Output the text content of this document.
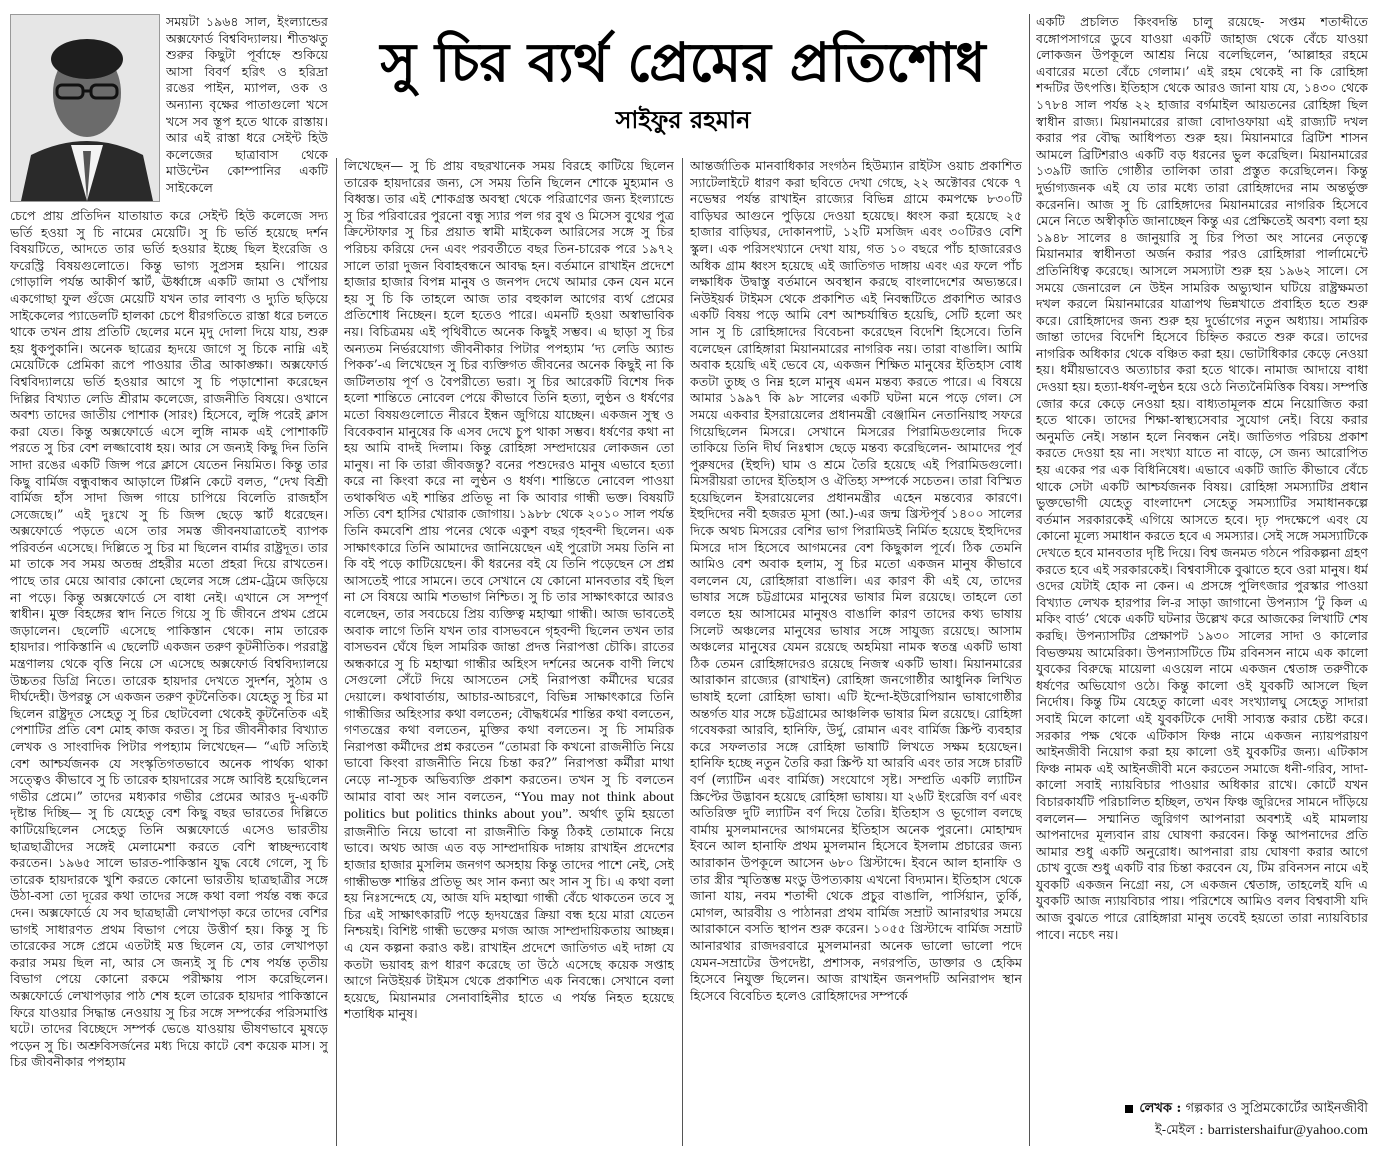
সময়টা ১৯৬৪ সাল, ইংল্যান্ডের অক্সফোর্ড বিশ্ববিদ্যালয়। শীতঋতু শুরুর কিছুটা পূর্বাহ্নে শুকিয়ে আসা বিবর্ণ হরিৎ ও হরিদ্রা রঙের পাইন, ম্যাপল, ওক ও অন্যান্য বৃক্ষের পাতাগুলো খসে খসে সব স্তূপ হতে থাকে রাস্তায়। আর এই রাস্তা ধরে সেইন্ট হিউ কলেজের ছাত্রাবাস থেকে মাউন্টেন কোম্পানির একটি সাইকেলে

চেপে প্রায় প্রতিদিন যাতায়াত করে সেইন্ট হিউ কলেজে সদ্য ভর্তি হওয়া সু চি নামের মেয়েটি। সু চি ভর্তি হয়েছে দর্শন বিষয়টিতে, আদতে তার ভর্তি হওয়ার ইচ্ছে ছিল ইংরেজি ও ফরেস্ট্রি বিষয়গুলোতে। কিন্তু ভাগ্য সুপ্রসন্ন হয়নি। পায়ের গোড়ালি পর্যন্ত আকীর্ণ স্কার্ট, ঊর্ধ্বাঙ্গে একটি জামা ও খোঁপায় একগোছা ফুল গুঁজে মেয়েটি যখন তার লাবণ্য ও দ্যুতি ছড়িয়ে সাইকেলের প্যাডেলটি হালকা চেপে ধীরগতিতে রাস্তা ধরে চলতে থাকে তখন প্রায় প্রতিটি ছেলের মনে মৃদু দোলা দিয়ে যায়, শুরু হয় ধুকপুকানি। অনেক ছাত্রের হৃদয়ে জাগে সু চিকে নাম্নি এই মেয়েটিকে প্রেমিকা রূপে পাওয়ার তীব্র আকাঙ্ক্ষা। অক্সফোর্ড বিশ্ববিদ্যালয়ে ভর্তি হওয়ার আগে সু চি পড়াশোনা করেছেন দিল্লির বিখ্যাত লেডি শ্রীরাম কলেজে, রাজনীতি বিষয়ে। ওখানে অবশ্য তাদের জাতীয় পোশাক (সারং) হিসেবে, লুঙ্গি পরেই ক্লাস করা যেত। কিন্তু অক্সফোর্ডে এসে লুঙ্গি নামক এই পোশাকটি পরতে সু চির বেশ লজ্জাবোধ হয়। আর সে জন্যই কিছু দিন তিনি সাদা রঙের একটি জিন্স পরে ক্লাসে যেতেন নিয়মিত। কিন্তু তার কিছু বার্মিজ বন্ধুবান্ধব আড়ালে টিপ্পনি কেটে বলত, “দেখ বিশ্রী বার্মিজ হাঁস সাদা জিন্স গায়ে চাপিয়ে বিলেতি রাজহাঁস সেজেছে।” এই দুঃখে সু চি জিন্স ছেড়ে স্কার্ট ধরেছেন। অক্সফোর্ডে পড়তে এসে তার সমস্ত জীবনযাত্রাতেই ব্যাপক পরিবর্তন এসেছে। দিল্লিতে সু চির মা ছিলেন বার্মার রাষ্ট্রদূত। তার মা তাকে সব সময় অতন্দ্র প্রহরীর মতো প্রহরা দিয়ে রাখতেন। পাছে তার মেয়ে আবার কোনো ছেলের সঙ্গে প্রেম-ট্রেমে জড়িয়ে না পড়ে। কিন্তু অক্সফোর্ডে সে বাধা নেই। এখানে সে সম্পূর্ণ স্বাধীন। মুক্ত বিহঙ্গের স্বাদ নিতে গিয়ে সু চি জীবনে প্রথম প্রেমে জড়ালেন। ছেলেটি এসেছে পাকিস্তান থেকে। নাম তারেক হায়দার। পাকিস্তানি এ ছেলেটি একজন তরুণ কূটনীতিক। পররাষ্ট্র মন্ত্রণালয় থেকে বৃত্তি নিয়ে সে এসেছে অক্সফোর্ড বিশ্ববিদ্যালয়ে উচ্চতর ডিগ্রি নিতে। তারেক হায়দার দেখতে সুদর্শন, সুঠাম ও দীর্ঘদেহী। উপরন্তু সে একজন তরুণ কূটনৈতিক। যেহেতু সু চির মা ছিলেন রাষ্ট্রদূত সেহেতু সু চির ছোটবেলা থেকেই কূটনৈতিক এই পেশাটির প্রতি বেশ মোহ কাজ করত। সু চির জীবনীকার বিখ্যাত লেখক ও সাংবাদিক পিটার পপহ্যাম লিখেছেন— “এটি সত্যিই বেশ আশ্চর্যজনক যে সংস্কৃতিগতভাবে অনেক পার্থক্য থাকা সত্ত্বেও কীভাবে সু চি তারেক হায়দারের সঙ্গে আবিষ্ট হয়েছিলেন গভীর প্রেমে।” তাদের মধ্যকার গভীর প্রেমের আরও দু-একটি দৃষ্টান্ত দিচ্ছি— সু চি যেহেতু বেশ কিছু বছর ভারতের দিল্লিতে কাটিয়েছিলেন সেহেতু তিনি অক্সফোর্ডে এসেও ভারতীয় ছাত্রছাত্রীদের সঙ্গেই মেলামেশা করতে বেশি স্বাচ্ছন্দ্যবোধ করতেন। ১৯৬৫ সালে ভারত-পাকিস্তান যুদ্ধ বেধে গেলে, সু চি তারেক হায়দারকে খুশি করতে কোনো ভারতীয় ছাত্রছাত্রীর সঙ্গে উঠা-বসা তো দূরের কথা তাদের সঙ্গে কথা বলা পর্যন্ত বন্ধ করে দেন। অক্সফোর্ডে যে সব ছাত্রছাত্রী লেখাপড়া করে তাদের বেশির ভাগই সাধারণত প্রথম বিভাগ পেয়ে উত্তীর্ণ হয়। কিন্তু সু চি তারেকের সঙ্গে প্রেমে এতটাই মত্ত ছিলেন যে, তার লেখাপড়া করার সময় ছিল না, আর সে জন্যই সু চি শেষ পর্যন্ত তৃতীয় বিভাগ পেয়ে কোনো রকমে পরীক্ষায় পাস করেছিলেন। অক্সফোর্ডে লেখাপড়ার পাঠ শেষ হলে তারেক হায়দার পাকিস্তানে ফিরে যাওয়ার সিদ্ধান্ত নেওয়ায় সু চির সঙ্গে সম্পর্কের পরিসমাপ্তি ঘটে। তাদের বিচ্ছেদে সম্পর্ক ভেঙে যাওয়ায় ভীষণভাবে মুষড়ে পড়েন সু চি। অশ্রুবিসর্জনের মধ্য দিয়ে কাটে বেশ কয়েক মাস। সু চির জীবনীকার পপহ্যাম

সু চির ব্যর্থ প্রেমের প্রতিশোধ
সাইফুর রহমান

লিখেছেন— সু চি প্রায় বছরখানেক সময় বিরহে কাটিয়ে ছিলেন তারেক হায়দারের জন্য, সে সময় তিনি ছিলেন শোকে মুহ্যমান ও বিধ্বস্ত। তার এই শোকগ্রস্ত অবস্থা থেকে পরিত্রাণের জন্য ইংল্যান্ডে সু চির পরিবারের পুরনো বন্ধু স্যার পল গর বুথ ও মিসেস বুথের পুত্র ক্রিস্টোফার সু চির প্রয়াত স্বামী মাইকেল আরিসের সঙ্গে সু চির পরিচয় করিয়ে দেন এবং পরবর্তীতে বছর তিন-চারেক পরে ১৯৭২ সালে তারা দুজন বিবাহবন্ধনে আবদ্ধ হন। বর্তমানে রাখাইন প্রদেশে হাজার হাজার বিপন্ন মানুষ ও জনপদ দেখে আমার কেন যেন মনে হয় সু চি কি তাহলে আজ তার বহুকাল আগের ব্যর্থ প্রেমের প্রতিশোধ নিচ্ছেন। হলে হতেও পারে। এমনটি হওয়া অস্বাভাবিক নয়। বিচিত্রময় এই পৃথিবীতে অনেক কিছুই সম্ভব। এ ছাড়া সু চির অন্যতম নির্ভরযোগ্য জীবনীকার পিটার পপহ্যাম ‘দ্য লেডি অ্যান্ড পিকক’-এ লিখেছেন সু চির ব্যক্তিগত জীবনের অনেক কিছুই না কি জটিলতায় পূর্ণ ও বৈপরীত্যে ভরা। সু চির আরেকটি বিশেষ দিক হলো শান্তিতে নোবেল পেয়ে কীভাবে তিনি হত্যা, লুণ্ঠন ও ধর্ষণের মতো বিষয়গুলোতে নীরবে ইন্ধন জুগিয়ে যাচ্ছেন। একজন সুস্থ ও বিবেকবান মানুষের কি এসব দেখে চুপ থাকা সম্ভব। ধর্ষণের কথা না হয় আমি বাদই দিলাম। কিন্তু রোহিঙ্গা সম্প্রদায়ের লোকজন তো মানুষ। না কি তারা জীবজন্তু? বনের পশুদেরও মানুষ এভাবে হত্যা করে না কিংবা করে না লুণ্ঠন ও ধর্ষণ। শান্তিতে নোবেল পাওয়া তথাকথিত এই শান্তির প্রতিভূ না কি আবার গান্ধী ভক্ত। বিষয়টি সত্যি বেশ হাসির খোরাক জোগায়। ১৯৮৮ থেকে ২০১০ সাল পর্যন্ত তিনি কমবেশি প্রায় পনের থেকে একুশ বছর গৃহবন্দী ছিলেন। এক সাক্ষাৎকারে তিনি আমাদের জানিয়েছেন এই পুরোটা সময় তিনি না কি বই পড়ে কাটিয়েছেন। কী ধরনের বই যে তিনি পড়েছেন সে প্রশ্ন আসতেই পারে সামনে। তবে সেখানে যে কোনো মানবতার বই ছিল না সে বিষয়ে আমি শতভাগ নিশ্চিত। সু চি তার সাক্ষাৎকারে আরও বলেছেন, তার সবচেয়ে প্রিয় ব্যক্তিত্ব মহাত্মা গান্ধী। আজ ভাবতেই অবাক লাগে তিনি যখন তার বাসভবনে গৃহবন্দী ছিলেন তখন তার বাসভবন ঘেঁষে ছিল সামরিক জান্তা প্রদত্ত নিরাপত্তা চৌকি। রাতের অন্ধকারে সু চি মহাত্মা গান্ধীর অহিংস দর্শনের অনেক বাণী লিখে সেগুলো সেঁটে দিয়ে আসতেন সেই নিরাপত্তা কর্মীদের ঘরের দেয়ালে। কথাবার্তায়, আচার-আচরণে, বিভিন্ন সাক্ষাৎকারে তিনি গান্ধীজির অহিংসার কথা বলতেন; বৌদ্ধধর্মের শান্তির কথা বলতেন, গণতন্ত্রের কথা বলতেন, মুক্তির কথা বলতেন। সু চি সামরিক নিরাপত্তা কর্মীদের প্রশ্ন করতেন “তোমরা কি কখনো রাজনীতি নিয়ে ভাবো কিংবা রাজনীতি নিয়ে চিন্তা কর?” নিরাপত্তা কর্মীরা মাথা নেড়ে না-সূচক অভিব্যক্তি প্রকাশ করতেন। তখন সু চি বলতেন আমার বাবা অং সান বলতেন, “You may not think about politics but politics thinks about you”. অর্থাৎ তুমি হয়তো রাজনীতি নিয়ে ভাবো না রাজনীতি কিন্তু ঠিকই তোমাকে নিয়ে ভাবে। অথচ আজ এত বড় সাম্প্রদায়িক দাঙ্গায় রাখাইন প্রদেশের হাজার হাজার মুসলিম জনগণ অসহায় কিন্তু তাদের পাশে নেই, সেই গান্ধীভক্ত শান্তির প্রতিভূ অং সান কন্যা অং সান সু চি। এ কথা বলা হয় নিঃসন্দেহে যে, আজ যদি মহাত্মা গান্ধী বেঁচে থাকতেন তবে সু চির এই সাক্ষাৎকারটি পড়ে হৃদযন্ত্রের ক্রিয়া বন্ধ হয়ে মারা যেতেন নিশ্চয়ই। বিশিষ্ট গান্ধী ভক্তের মগজ আজ সাম্প্রদায়িকতায় আচ্ছন্ন। এ যেন কল্পনা করাও কষ্ট। রাখাইন প্রদেশে জাতিগত এই দাঙ্গা যে কতটা ভয়াবহ রূপ ধারণ করেছে তা উঠে এসেছে কয়েক সপ্তাহ আগে নিউইয়র্ক টাইমস থেকে প্রকাশিত এক নিবন্ধে। সেখানে বলা হয়েছে, মিয়ানমার সেনাবাহিনীর হাতে এ পর্যন্ত নিহত হয়েছে শতাধিক মানুষ।

আন্তর্জাতিক মানবাধিকার সংগঠন হিউম্যান রাইটস ওয়াচ প্রকাশিত স্যাটেলাইটে ধারণ করা ছবিতে দেখা গেছে, ২২ অক্টোবর থেকে ৭ নভেম্বর পর্যন্ত রাখাইন রাজ্যের বিভিন্ন গ্রামে কমপক্ষে ৮৩০টি বাড়িঘর আগুনে পুড়িয়ে দেওয়া হয়েছে। ধ্বংস করা হয়েছে ২৫ হাজার বাড়িঘর, দোকানপাট, ১২টি মসজিদ এবং ৩০টিরও বেশি স্কুল। এক পরিসংখ্যানে দেখা যায়, গত ১০ বছরে পাঁচ হাজারেরও অধিক গ্রাম ধ্বংস হয়েছে এই জাতিগত দাঙ্গায় এবং এর ফলে পাঁচ লক্ষাধিক উদ্বাস্তু বর্তমানে অবস্থান করছে বাংলাদেশের অভ্যন্তরে। নিউইয়র্ক টাইমস থেকে প্রকাশিত এই নিবন্ধটিতে প্রকাশিত আরও একটি বিষয় পড়ে আমি বেশ আশ্চর্যান্বিত হয়েছি, সেটি হলো অং সান সু চি রোহিঙ্গাদের বিবেচনা করেছেন বিদেশি হিসেবে। তিনি বলেছেন রোহিঙ্গারা মিয়ানমারের নাগরিক নয়। তারা বাঙালি। আমি অবাক হয়েছি এই ভেবে যে, একজন শিক্ষিত মানুষের ইতিহাস বোধ কতটা তুচ্ছ ও নিম্ন হলে মানুষ এমন মন্তব্য করতে পারে। এ বিষয়ে আমার ১৯৯৭ কি ৯৮ সালের একটি ঘটনা মনে পড়ে গেল। সে সময়ে একবার ইসরায়েলের প্রধানমন্ত্রী বেঞ্জামিন নেতানিয়াহু সফরে গিয়েছিলেন মিসরে। সেখানে মিসরের পিরামিডগুলোর দিকে তাকিয়ে তিনি দীর্ঘ নিঃশ্বাস ছেড়ে মন্তব্য করেছিলেন- আমাদের পূর্ব পুরুষদের (ইহুদি) ঘাম ও শ্রমে তৈরি হয়েছে এই পিরামিডগুলো। মিসরীয়রা তাদের ইতিহাস ও ঐতিহ্য সম্পর্কে সচেতন। তারা বিস্মিত হয়েছিলেন ইসরায়েলের প্রধানমন্ত্রীর এহেন মন্তব্যের কারণে। ইহুদিদের নবী হজরত মূসা (আ.)-এর জন্ম খ্রিস্টপূর্ব ১৪০০ সালের দিকে অথচ মিসরের বেশির ভাগ পিরামিডই নির্মিত হয়েছে ইহুদিদের মিসরে দাস হিসেবে আগমনের বেশ কিছুকাল পূর্বে। ঠিক তেমনি আমিও বেশ অবাক হলাম, সু চির মতো একজন মানুষ কীভাবে বললেন যে, রোহিঙ্গারা বাঙালি। এর কারণ কী এই যে, তাদের ভাষার সঙ্গে চট্টগ্রামের মানুষের ভাষার মিল রয়েছে। তাহলে তো বলতে হয় আসামের মানুষও বাঙালি কারণ তাদের কথ্য ভাষায় সিলেট অঞ্চলের মানুষের ভাষার সঙ্গে সাযুজ্য রয়েছে। আসাম অঞ্চলের মানুষের যেমন রয়েছে অহমিয়া নামক স্বতন্ত্র একটি ভাষা ঠিক তেমন রোহিঙ্গাদেরও রয়েছে নিজস্ব একটি ভাষা। মিয়ানমারের আরাকান রাজ্যের (রাখাইন) রোহিঙ্গা জনগোষ্ঠীর আধুনিক লিখিত ভাষাই হলো রোহিঙ্গা ভাষা। এটি ইন্দো-ইউরোপিয়ান ভাষাগোষ্ঠীর অন্তর্গত যার সঙ্গে চট্টগ্রামের আঞ্চলিক ভাষার মিল রয়েছে। রোহিঙ্গা গবেষকরা আরবি, হানিফি, উর্দু, রোমান এবং বার্মিজ স্ক্রিপ্ট ব্যবহার করে সফলতার সঙ্গে রোহিঙ্গা ভাষাটি লিখতে সক্ষম হয়েছেন। হানিফি হচ্ছে নতুন তৈরি করা স্ক্রিপ্ট যা আরবি এবং তার সঙ্গে চারটি বর্ণ (ল্যাটিন এবং বার্মিজ) সংযোগে সৃষ্ট। সম্প্রতি একটি ল্যাটিন স্ক্রিপ্টের উদ্ভাবন হয়েছে রোহিঙ্গা ভাষায়। যা ২৬টি ইংরেজি বর্ণ এবং অতিরিক্ত দুটি ল্যাটিন বর্ণ দিয়ে তৈরি। ইতিহাস ও ভূগোল বলছে বার্মায় মুসলমানদের আগমনের ইতিহাস অনেক পুরনো। মোহাম্মদ ইবনে আল হানাফি প্রথম মুসলমান হিসেবে ইসলাম প্রচারের জন্য আরাকান উপকূলে আসেন ৬৮০ খ্রিস্টাব্দে। ইবনে আল হানাফি ও তার স্ত্রীর স্মৃতিস্তম্ভ মংডু উপত্যকায় এখনো বিদ্যমান। ইতিহাস থেকে জানা যায়, নবম শতাব্দী থেকে প্রচুর বাঙালি, পার্সিয়ান, তুর্কি, মোগল, আরবীয় ও পাঠানরা প্রথম বার্মিজ সম্রাট আনারথার সময়ে আরাকানে বসতি স্থাপন শুরু করেন। ১০৫৫ খ্রিস্টাব্দে বার্মিজ সম্রাট আনারথার রাজদরবারে মুসলমানরা অনেক ভালো ভালো পদে যেমন-সম্রাটের উপদেষ্টা, প্রশাসক, নগরপতি, ডাক্তার ও হেকিম হিসেবে নিযুক্ত ছিলেন। আজ রাখাইন জনপদটি অনিরাপদ স্থান হিসেবে বিবেচিত হলেও রোহিঙ্গাদের সম্পর্কে

একটি প্রচলিত কিংবদন্তি চালু রয়েছে- সপ্তম শতাব্দীতে বঙ্গোপসাগরে ডুবে যাওয়া একটি জাহাজ থেকে বেঁচে যাওয়া লোকজন উপকূলে আশ্রয় নিয়ে বলেছিলেন, ‘আল্লাহর রহমে এবারের মতো বেঁচে গেলাম।’ এই রহম থেকেই না কি রোহিঙ্গা শব্দটির উৎপত্তি। ইতিহাস থেকে আরও জানা যায় যে, ১৪৩০ থেকে ১৭৮৪ সাল পর্যন্ত ২২ হাজার বর্গমাইল আয়তনের রোহিঙ্গা ছিল স্বাধীন রাজ্য। মিয়ানমারের রাজা বোদাওফায়া এই রাজ্যটি দখল করার পর বৌদ্ধ আধিপত্য শুরু হয়। মিয়ানমারে ব্রিটিশ শাসন আমলে ব্রিটিশরাও একটি বড় ধরনের ভুল করেছিল। মিয়ানমারের ১৩৯টি জাতি গোষ্ঠীর তালিকা তারা প্রস্তুত করেছিলেন। কিন্তু দুর্ভাগ্যজনক এই যে তার মধ্যে তারা রোহিঙ্গাদের নাম অন্তর্ভুক্ত করেননি। আজ সু চি রোহিঙ্গাদের মিয়ানমারের নাগরিক হিসেবে মেনে নিতে অস্বীকৃতি জানাচ্ছেন কিন্তু এর প্রেক্ষিতেই অবশ্য বলা হয় ১৯৪৮ সালের ৪ জানুয়ারি সু চির পিতা অং সানের নেতৃত্বে মিয়ানমার স্বাধীনতা অর্জন করার পরও রোহিঙ্গারা পার্লামেন্টে প্রতিনিধিত্ব করেছে। আসলে সমস্যাটা শুরু হয় ১৯৬২ সালে। সে সময়ে জেনারেল নে উইন সামরিক অভ্যুত্থান ঘটিয়ে রাষ্ট্রক্ষমতা দখল করলে মিয়ানমারের যাত্রাপথ ভিন্নখাতে প্রবাহিত হতে শুরু করে। রোহিঙ্গাদের জন্য শুরু হয় দুর্ভোগের নতুন অধ্যায়। সামরিক জান্তা তাদের বিদেশি হিসেবে চিহ্নিত করতে শুরু করে। তাদের নাগরিক অধিকার থেকে বঞ্চিত করা হয়। ভোটাধিকার কেড়ে নেওয়া হয়। ধর্মীয়ভাবেও অত্যাচার করা হতে থাকে। নামাজ আদায়ে বাধা দেওয়া হয়। হত্যা-ধর্ষণ-লুণ্ঠন হয়ে ওঠে নিত্যনৈমিত্তিক বিষয়। সম্পত্তি জোর করে কেড়ে নেওয়া হয়। বাধ্যতামূলক শ্রমে নিয়োজিত করা হতে থাকে। তাদের শিক্ষা-স্বাস্থ্যসেবার সুযোগ নেই। বিয়ে করার অনুমতি নেই। সন্তান হলে নিবন্ধন নেই। জাতিগত পরিচয় প্রকাশ করতে দেওয়া হয় না। সংখ্যা যাতে না বাড়ে, সে জন্য আরোপিত হয় একের পর এক বিধিনিষেধ। এভাবে একটি জাতি কীভাবে বেঁচে থাকে সেটা একটি আশ্চর্যজনক বিষয়। রোহিঙ্গা সমস্যাটির প্রধান ভুক্তভোগী যেহেতু বাংলাদেশ সেহেতু সমস্যাটির সমাধানকল্পে বর্তমান সরকারকেই এগিয়ে আসতে হবে। দৃঢ় পদক্ষেপে এবং যে কোনো মূল্যে সমাধান করতে হবে এ সমস্যার। সেই সঙ্গে সমস্যাটিকে দেখতে হবে মানবতার দৃষ্টি দিয়ে। বিশ্ব জনমত গঠনে পরিকল্পনা গ্রহণ করতে হবে এই সরকারকেই। বিশ্ববাসীকে বুঝাতে হবে ওরা মানুষ। ধর্ম ওদের যেটাই হোক না কেন। এ প্রসঙ্গে পুলিৎজার পুরস্কার পাওয়া বিখ্যাত লেখক হারপার লি-র সাড়া জাগানো উপন্যাস ‘টু কিল এ মকিং বার্ড’ থেকে একটি ঘটনার উল্লেখ করে আজকের লিখাটি শেষ করছি। উপন্যাসটির প্রেক্ষাপট ১৯৩০ সালের সাদা ও কালোর বিভক্তময় আমেরিকা। উপন্যাসটিতে টিম রবিনসন নামে এক কালো যুবকের বিরুদ্ধে মায়েলা এওয়েল নামে একজন শ্বেতাঙ্গ তরুণীকে ধর্ষণের অভিযোগ ওঠে। কিন্তু কালো ওই যুবকটি আসলে ছিল নির্দোষ। কিন্তু টিম যেহেতু কালো এবং সংখ্যালঘু সেহেতু সাদারা সবাই মিলে কালো এই যুবকটিকে দোষী সাব্যস্ত করার চেষ্টা করে। সরকার পক্ষ থেকে এটিকাস ফিঞ্চ নামে একজন ন্যায়পরায়ণ আইনজীবী নিয়োগ করা হয় কালো ওই যুবকটির জন্য। এটিকাস ফিঞ্চ নামক এই আইনজীবী মনে করতেন সমাজে ধনী-গরিব, সাদা-কালো সবাই ন্যায়বিচার পাওয়ার অধিকার রাখে। কোর্টে যখন বিচারকার্যটি পরিচালিত হচ্ছিল, তখন ফিঞ্চ জুরিদের সামনে দাঁড়িয়ে বললেন— সম্মানিত জুরিগণ আপনারা অবশ্যই এই মামলায় আপনাদের মূল্যবান রায় ঘোষণা করবেন। কিন্তু আপনাদের প্রতি আমার শুধু একটি অনুরোধ। আপনারা রায় ঘোষণা করার আগে চোখ বুজে শুধু একটি বার চিন্তা করবেন যে, টিম রবিনসন নামে এই যুবকটি একজন নিগ্রো নয়, সে একজন শ্বেতাঙ্গ, তাহলেই যদি এ যুবকটি আজ ন্যায়বিচার পায়। পরিশেষে আমিও বলব বিশ্ববাসী যদি আজ বুঝতে পারে রোহিঙ্গারা মানুষ তবেই হয়তো তারা ন্যায়বিচার পাবে। নচেৎ নয়।

লেখক : গল্পকার ও সুপ্রিমকোর্টের আইনজীবী
ই-মেইল : barristershaifur@yahoo.com
